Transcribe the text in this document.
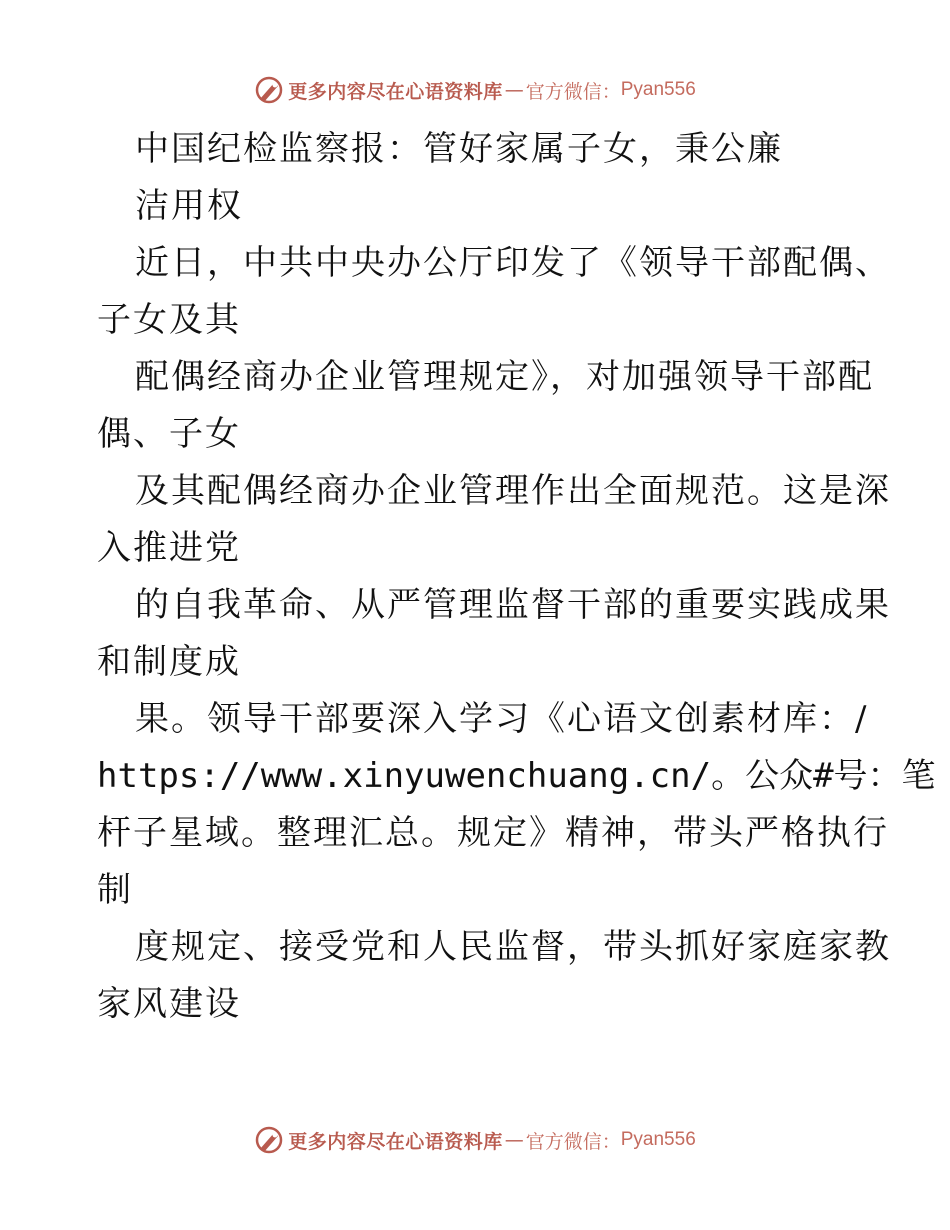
更多内容尽在心语资料库 — 官方微信： Pyan556
中国纪检监察报：管好家属子女，秉公廉
洁用权
近日，中共中央办公厅印发了《领导干部配偶、
子女及其
配偶经商办企业管理规定》，对加强领导干部配
偶、子女
及其配偶经商办企业管理作出全面规范。这是深
入推进党
的自我革命、从严管理监督干部的重要实践成果
和制度成
果。领导干部要深入学习《心语文创素材库：/
https://www.xinyuwenchuang.cn/。公众#号：笔
杆子星域。整理汇总。规定》精神，带头严格执行
制
度规定、接受党和人民监督，带头抓好家庭家教
家风建设
更多内容尽在心语资料库 — 官方微信： Pyan556
